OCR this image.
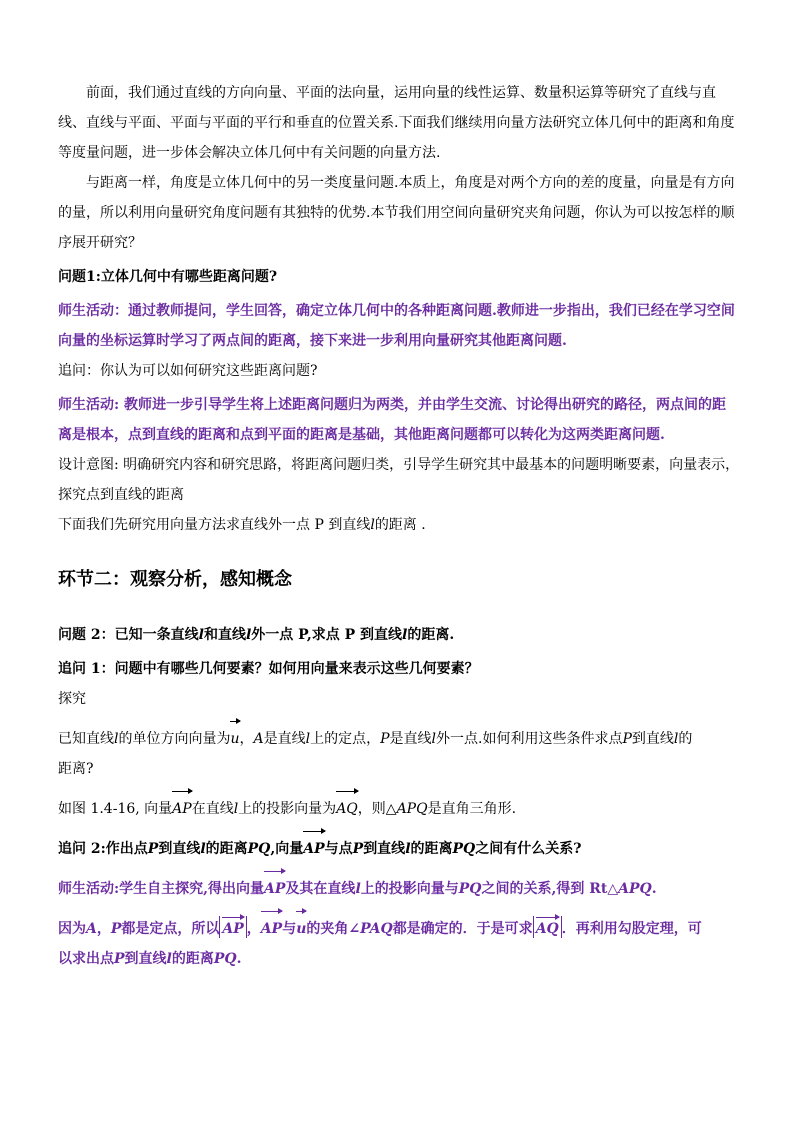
前面，我们通过直线的方向向量、平面的法向量，运用向量的线性运算、数量积运算等研究了直线与直线、直线与平面、平面与平面的平行和垂直的位置关系.下面我们继续用向量方法研究立体几何中的距离和角度等度量问题，进一步体会解决立体几何中有关问题的向量方法.

与距离一样，角度是立体几何中的另一类度量问题.本质上，角度是对两个方向的差的度量，向量是有方向的量，所以利用向量研究角度问题有其独特的优势.本节我们用空间向量研究夹角问题，你认为可以按怎样的顺序展开研究？

问题1:立体几何中有哪些距离问题?

师生活动：通过教师提问，学生回答，确定立体几何中的各种距离问题.教师进一步指出，我们已经在学习空间向量的坐标运算时学习了两点间的距离，接下来进一步利用向量研究其他距离问题.

追问：你认为可以如何研究这些距离问题?

师生活动: 教师进一步引导学生将上述距离问题归为两类，并由学生交流、讨论得出研究的路径，两点间的距离是根本，点到直线的距离和点到平面的距离是基础，其他距离问题都可以转化为这两类距离问题.

设计意图: 明确研究内容和研究思路，将距离问题归类，引导学生研究其中最基本的问题明晰要素，向量表示，探究点到直线的距离

下面我们先研究用向量方法求直线外一点 P 到直线l的距离 .

环节二：观察分析，感知概念

问题 2：已知一条直线l和直线l外一点 P,求点 P 到直线l的距离.

追问 1：问题中有哪些几何要素？如何用向量来表示这些几何要素？

探究

已知直线l的单位方向向量为u，A是直线l上的定点，P是直线l外一点.如何利用这些条件求点P到直线l的
距离?

如图 1.4-16, 向量AP在直线l上的投影向量为AQ，则△APQ是直角三角形.

追问 2:作出点P到直线l的距离PQ,向量AP与点P到直线l的距离PQ之间有什么关系?

师生活动:学生自主探究,得出向量AP及其在直线l上的投影向量与PQ之间的关系,得到 Rt△APQ.

因为A，P都是定点，所以 AP ，AP与u的夹角∠PAQ都是确定的．于是可求 AQ ．再利用勾股定理，可
以求出点P到直线l的距离PQ.
